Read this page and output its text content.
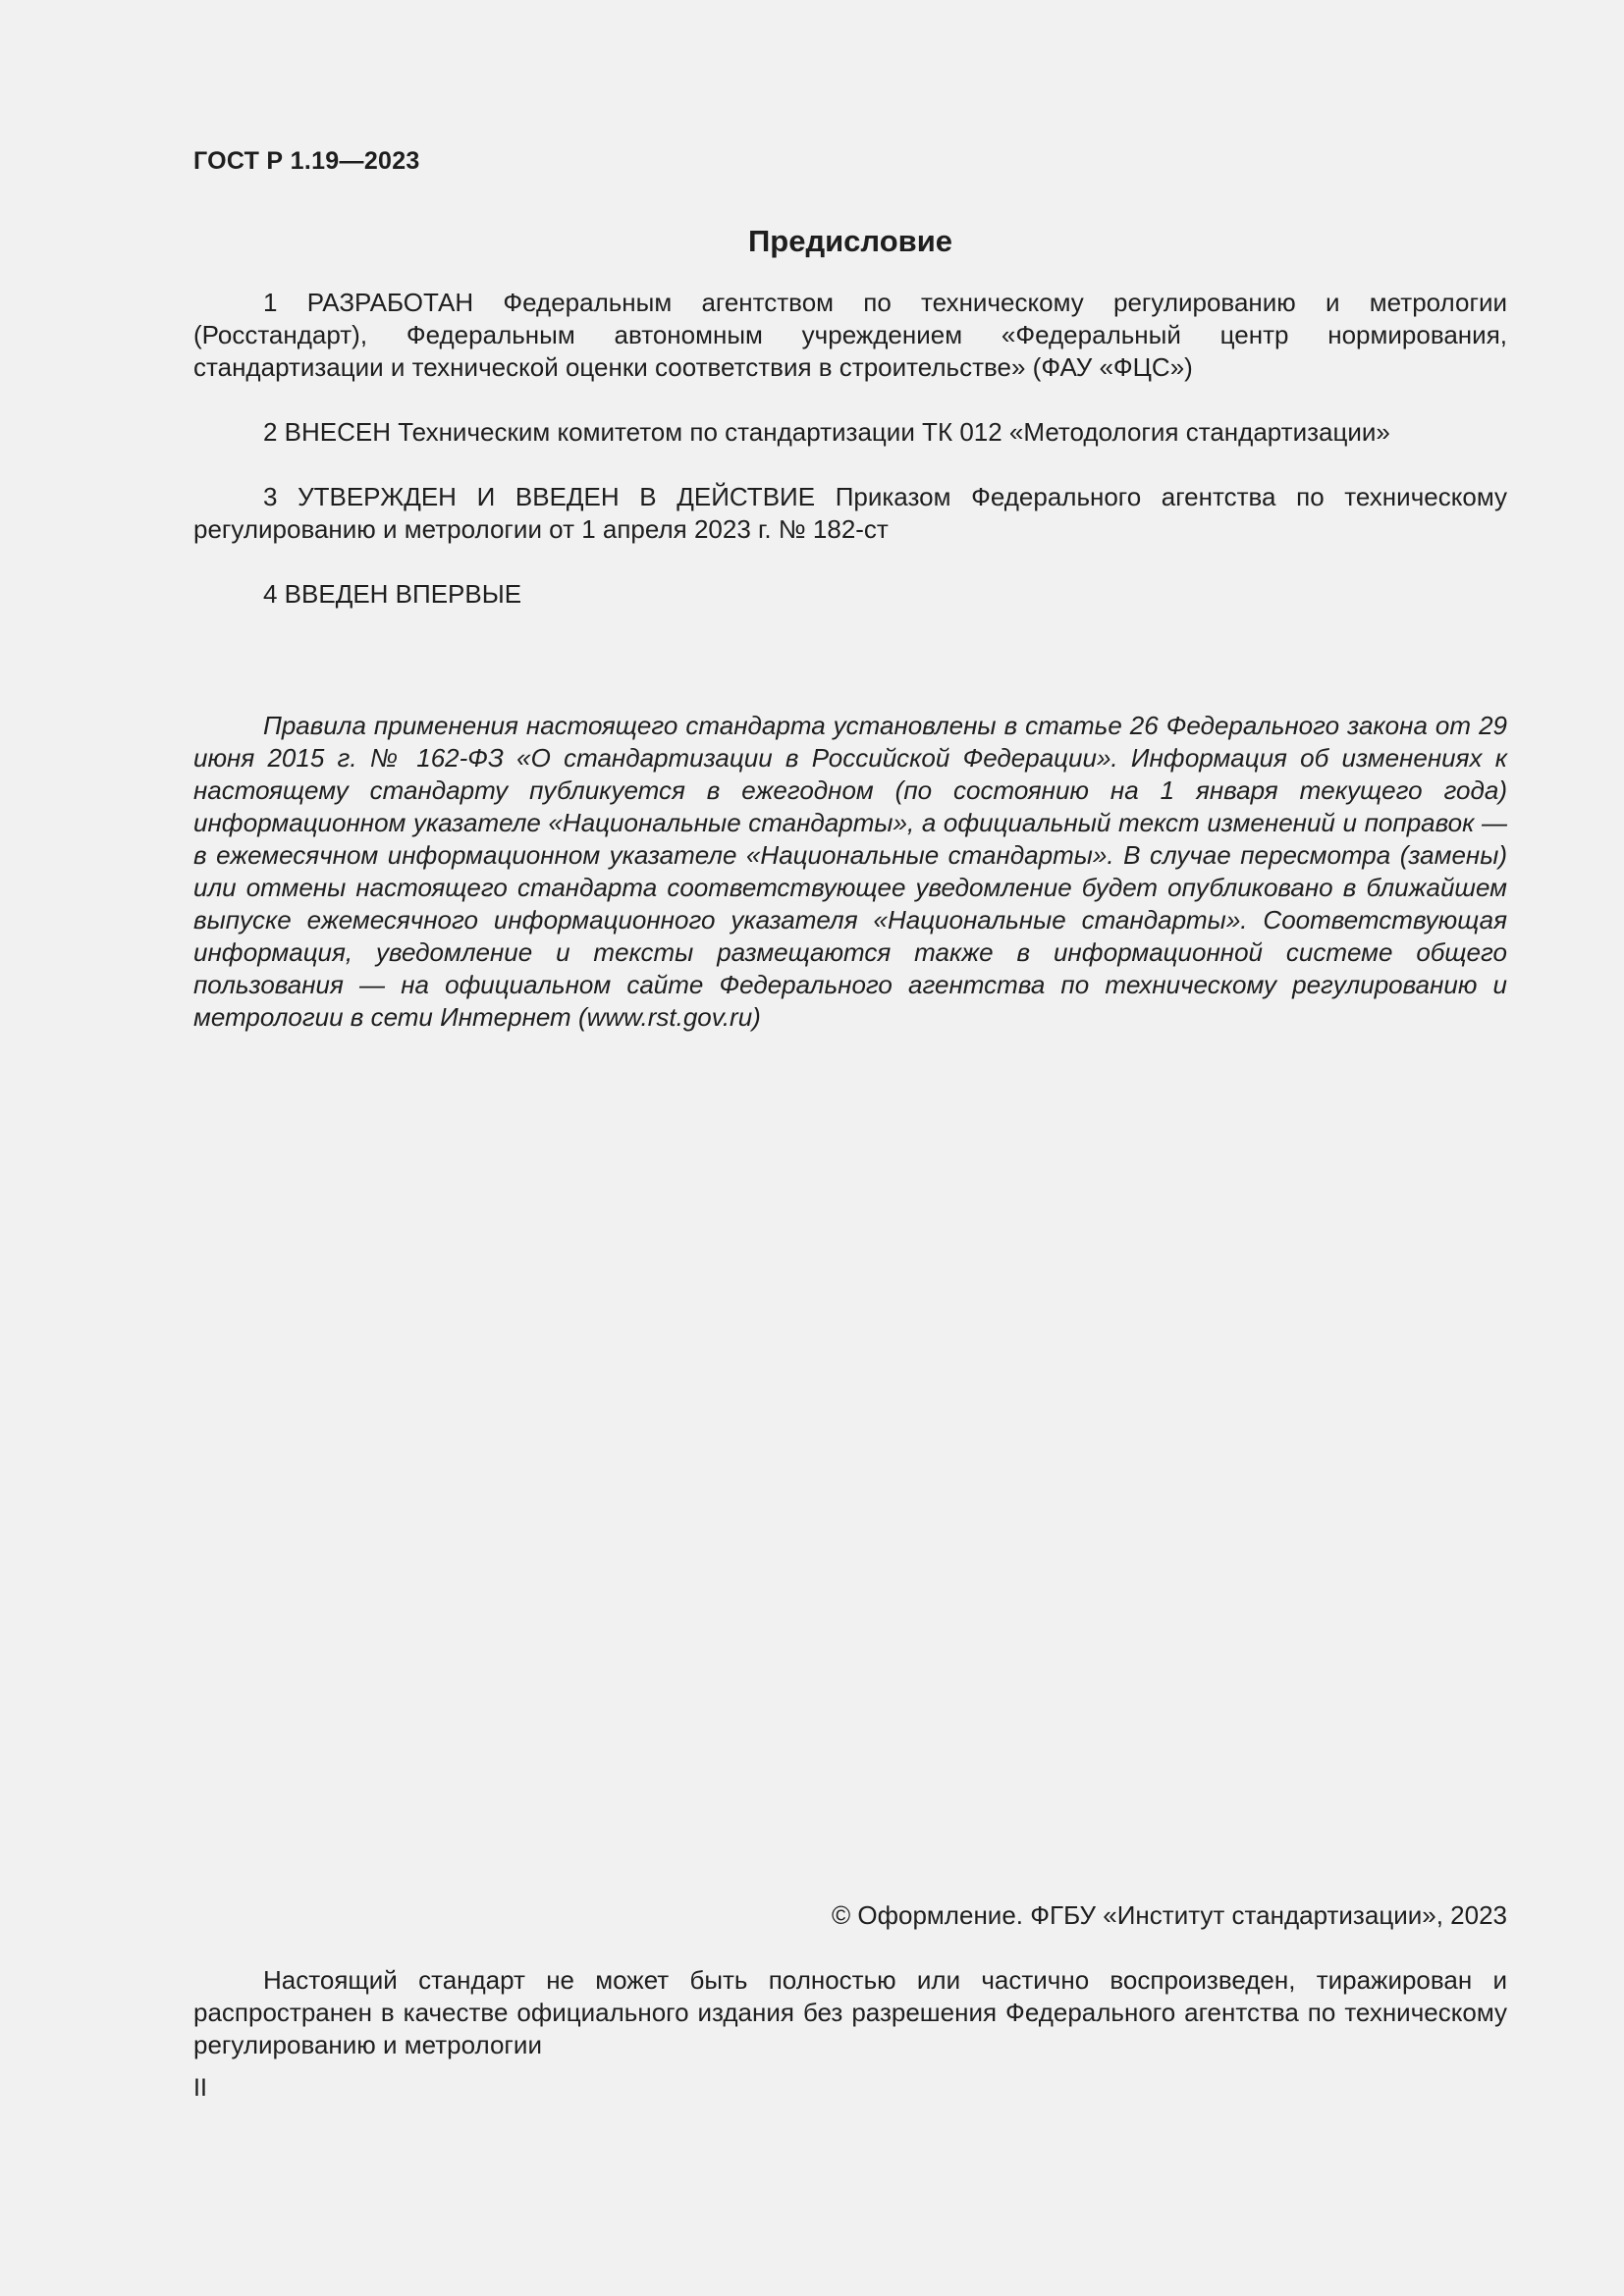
ГОСТ Р 1.19—2023
Предисловие

1 РАЗРАБОТАН Федеральным агентством по техническому регулированию и метрологии (Росстандарт), Федеральным автономным учреждением «Федеральный центр нормирования, стандартизации и технической оценки соответствия в строительстве» (ФАУ «ФЦС»)

2 ВНЕСЕН Техническим комитетом по стандартизации ТК 012 «Методология стандартизации»

3 УТВЕРЖДЕН И ВВЕДЕН В ДЕЙСТВИЕ Приказом Федерального агентства по техническому регулированию и метрологии от 1 апреля 2023 г. № 182-ст

4 ВВЕДЕН ВПЕРВЫЕ

Правила применения настоящего стандарта установлены в статье 26 Федерального закона от 29 июня 2015 г. № 162-ФЗ «О стандартизации в Российской Федерации». Информация об изменениях к настоящему стандарту публикуется в ежегодном (по состоянию на 1 января текущего года) информационном указателе «Национальные стандарты», а официальный текст изменений и поправок — в ежемесячном информационном указателе «Национальные стандарты». В случае пересмотра (замены) или отмены настоящего стандарта соответствующее уведомление будет опубликовано в ближайшем выпуске ежемесячного информационного указателя «Национальные стандарты». Соответствующая информация, уведомление и тексты размещаются также в информационной системе общего пользования — на официальном сайте Федерального агентства по техническому регулированию и метрологии в сети Интернет (www.rst.gov.ru)

© Оформление. ФГБУ «Институт стандартизации», 2023

Настоящий стандарт не может быть полностью или частично воспроизведен, тиражирован и распространен в качестве официального издания без разрешения Федерального агентства по техническому регулированию и метрологии

II
